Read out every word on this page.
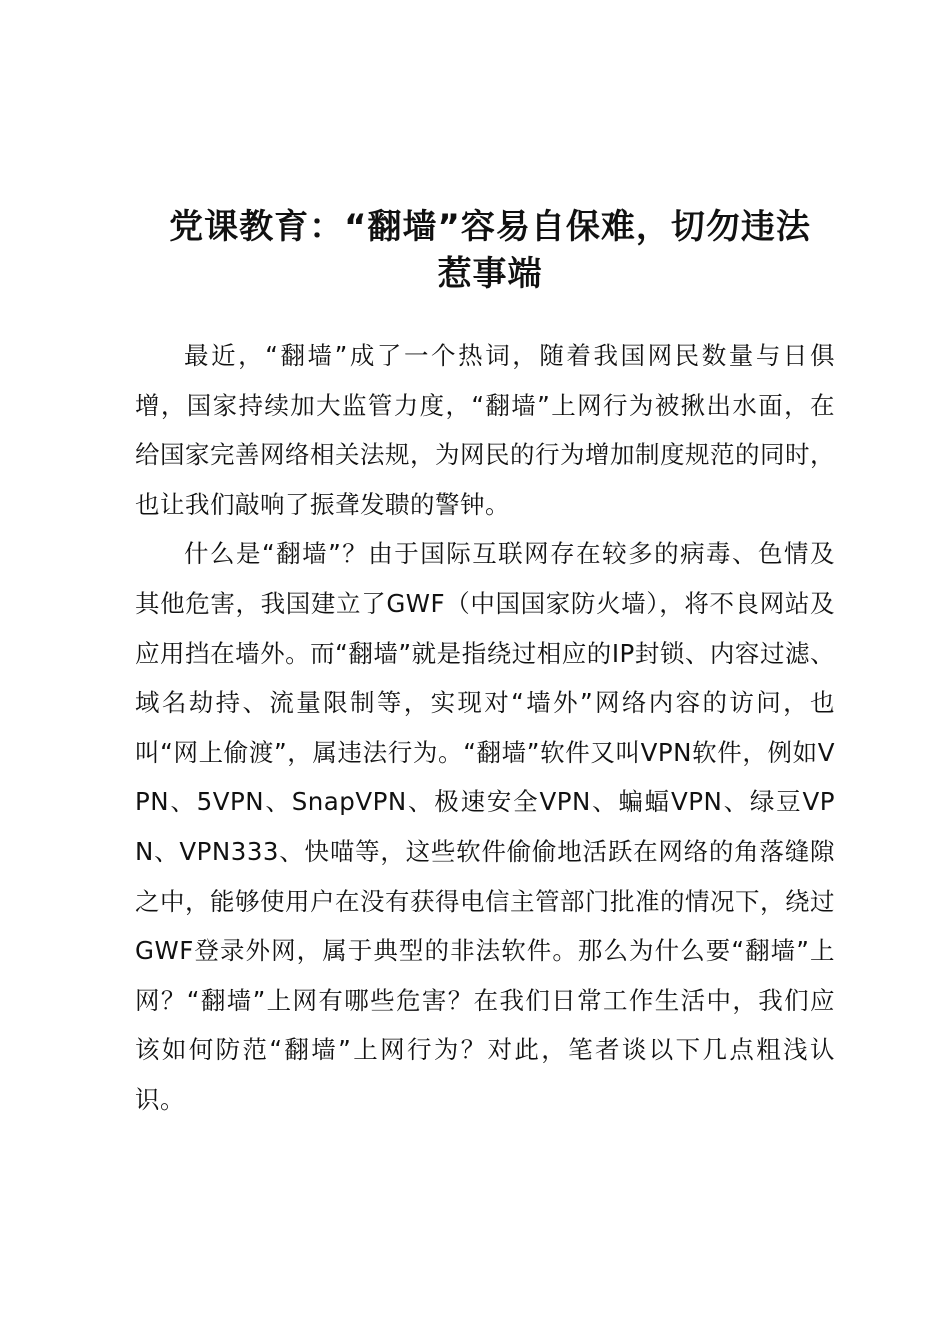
党课教育：“翻墙”容易自保难，切勿违法
惹事端

最近，“翻墙”成了一个热词，随着我国网民数量与日俱增，国家持续加大监管力度，“翻墙”上网行为被揪出水面，在给国家完善网络相关法规，为网民的行为增加制度规范的同时，也让我们敲响了振聋发聩的警钟。

什么是“翻墙”？由于国际互联网存在较多的病毒、色情及其他危害，我国建立了GWF（中国国家防火墙），将不良网站及应用挡在墙外。而“翻墙”就是指绕过相应的IP封锁、内容过滤、域名劫持、流量限制等，实现对“墙外”网络内容的访问，也叫“网上偷渡”，属违法行为。“翻墙”软件又叫VPN软件，例如VPN、5VPN、SnapVPN、极速安全VPN、蝙蝠VPN、绿豆VPN、VPN333、快喵等，这些软件偷偷地活跃在网络的角落缝隙之中，能够使用户在没有获得电信主管部门批准的情况下，绕过GWF登录外网，属于典型的非法软件。那么为什么要“翻墙”上网？“翻墙”上网有哪些危害？在我们日常工作生活中，我们应该如何防范“翻墙”上网行为？对此，笔者谈以下几点粗浅认识。
